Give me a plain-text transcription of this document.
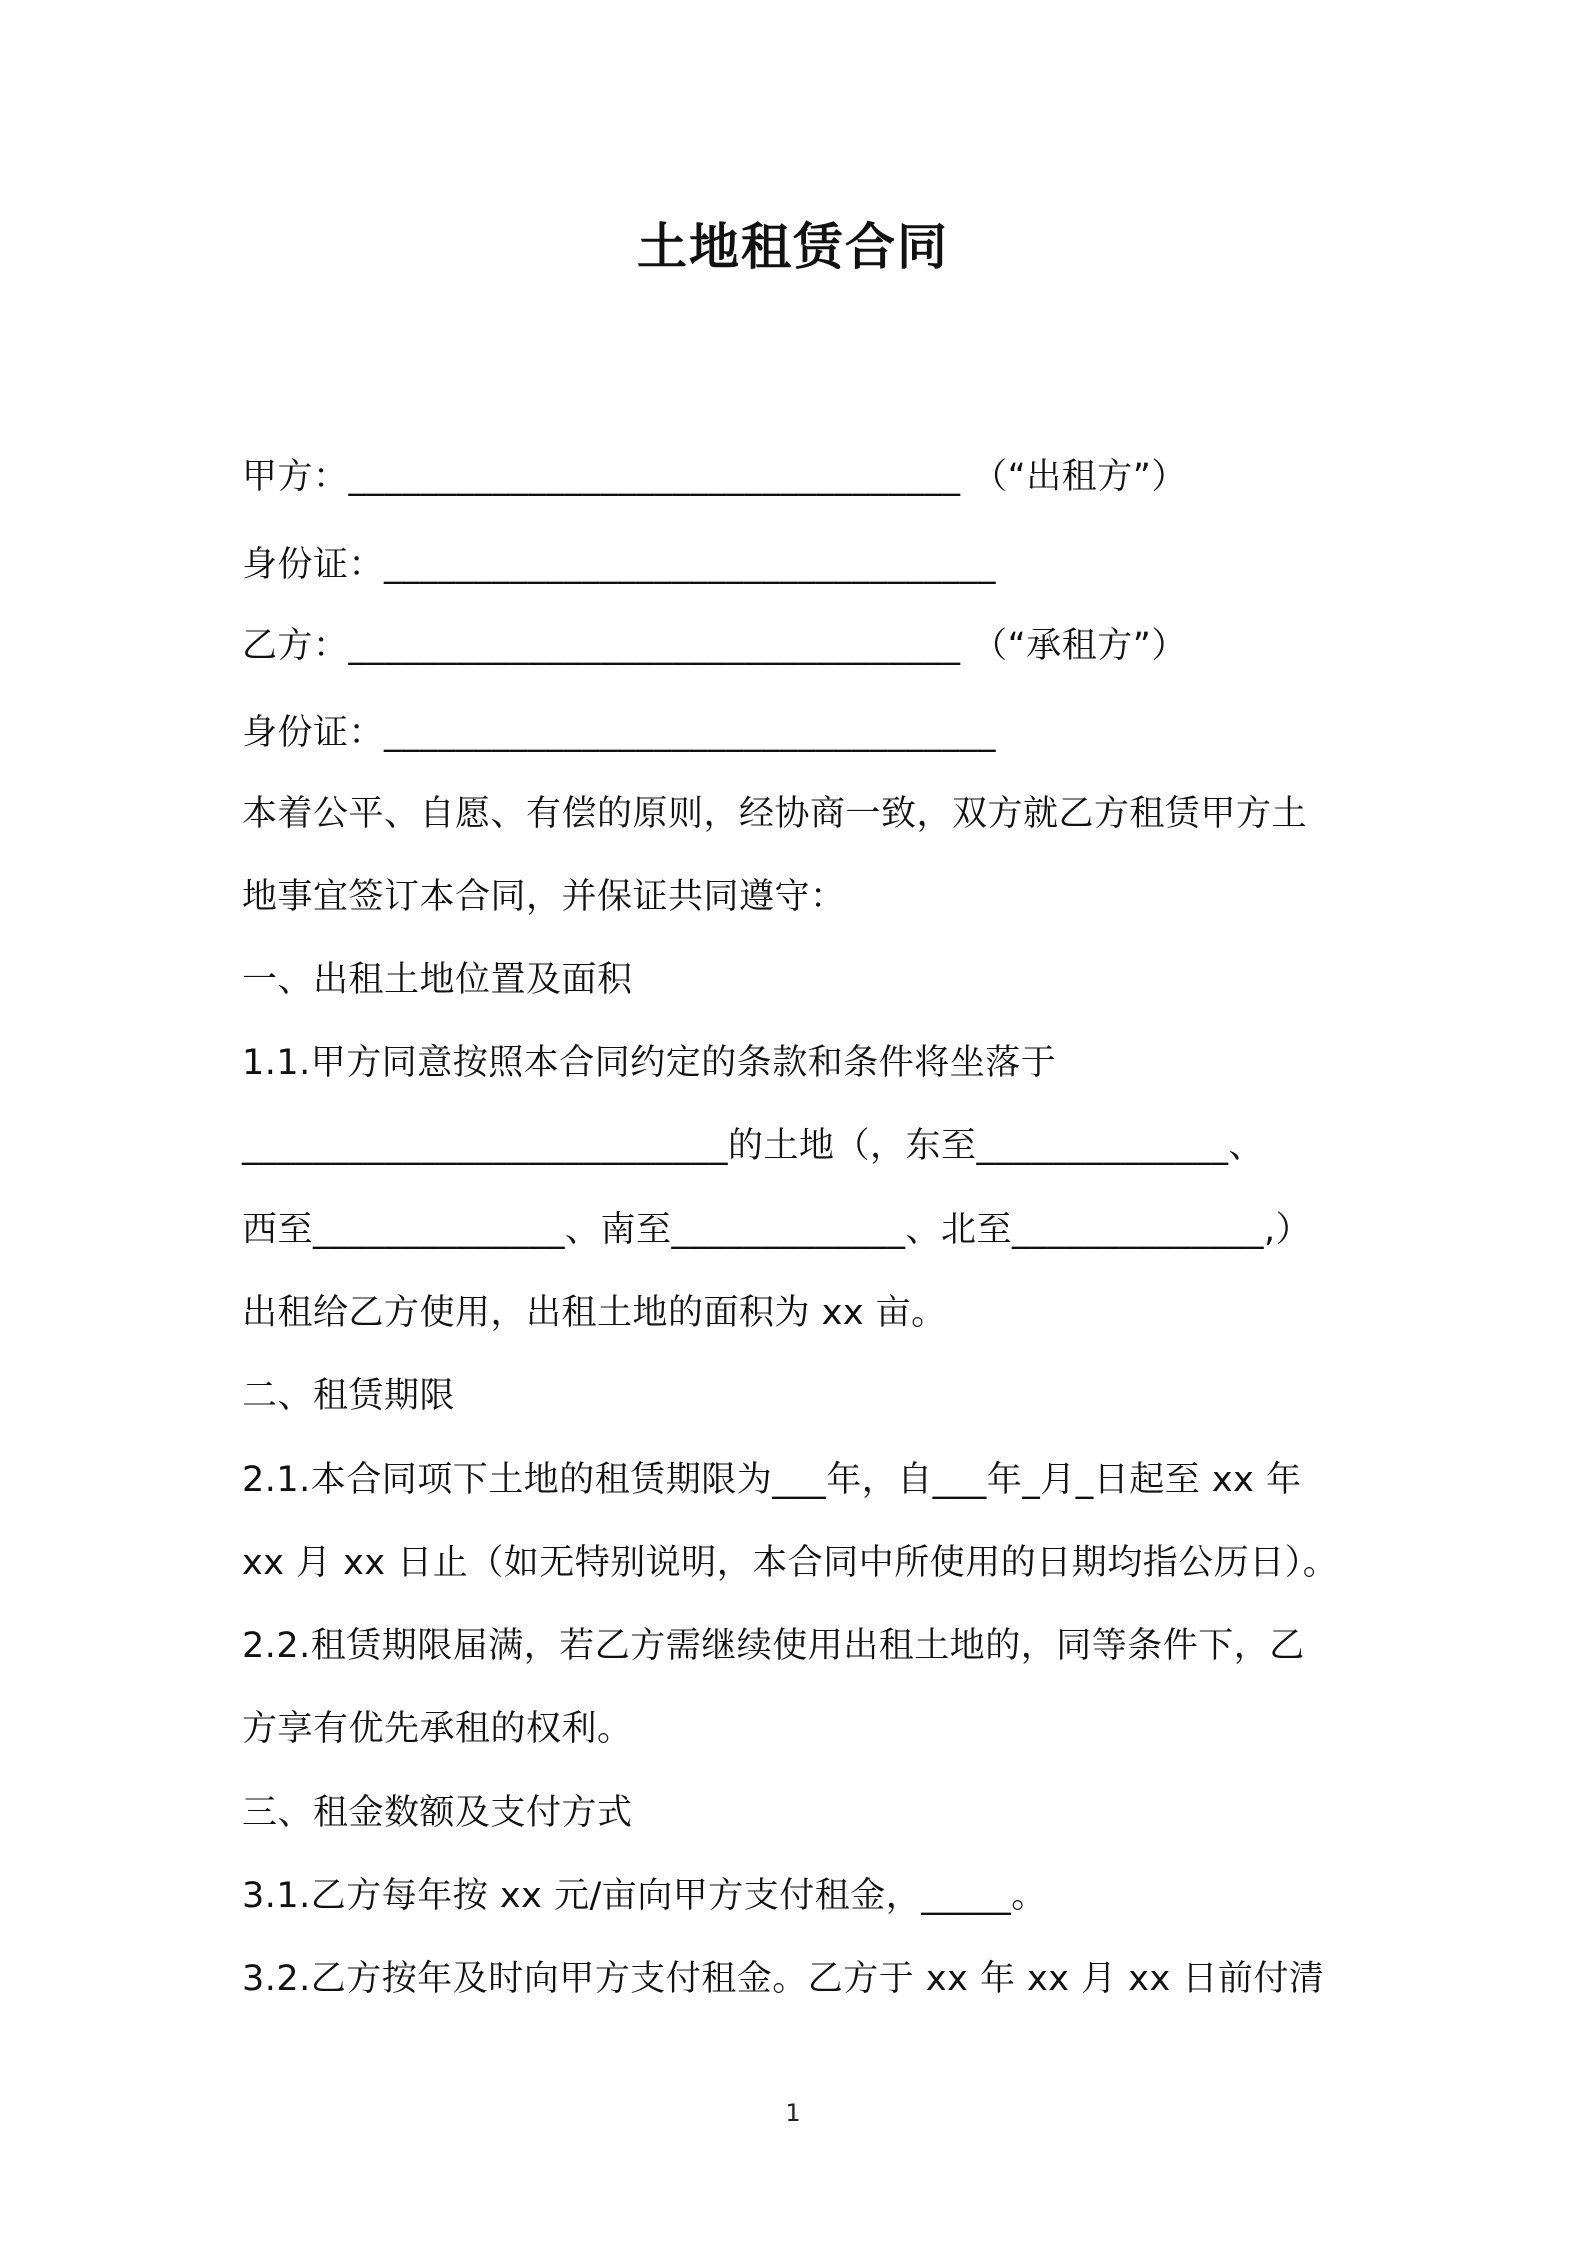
土地租赁合同
甲方：__________________________________ （“出租方”）
身份证：__________________________________
乙方：__________________________________ （“承租方”）
身份证：__________________________________
本着公平、自愿、有偿的原则，经协商一致，双方就乙方租赁甲方土
地事宜签订本合同，并保证共同遵守：
一、出租土地位置及面积
1.1.甲方同意按照本合同约定的条款和条件将坐落于
___________________________的土地（，东至______________、
西至______________、南至_____________、北至______________,）
出租给乙方使用，出租土地的面积为 xx 亩。
二、租赁期限
2.1.本合同项下土地的租赁期限为___年，自___年_月_日起至 xx 年
xx 月 xx 日止（如无特别说明，本合同中所使用的日期均指公历日）。
2.2.租赁期限届满，若乙方需继续使用出租土地的，同等条件下，乙
方享有优先承租的权利。
三、租金数额及支付方式
3.1.乙方每年按 xx 元/亩向甲方支付租金，_____。
3.2.乙方按年及时向甲方支付租金。乙方于 xx 年 xx 月 xx 日前付清
1
